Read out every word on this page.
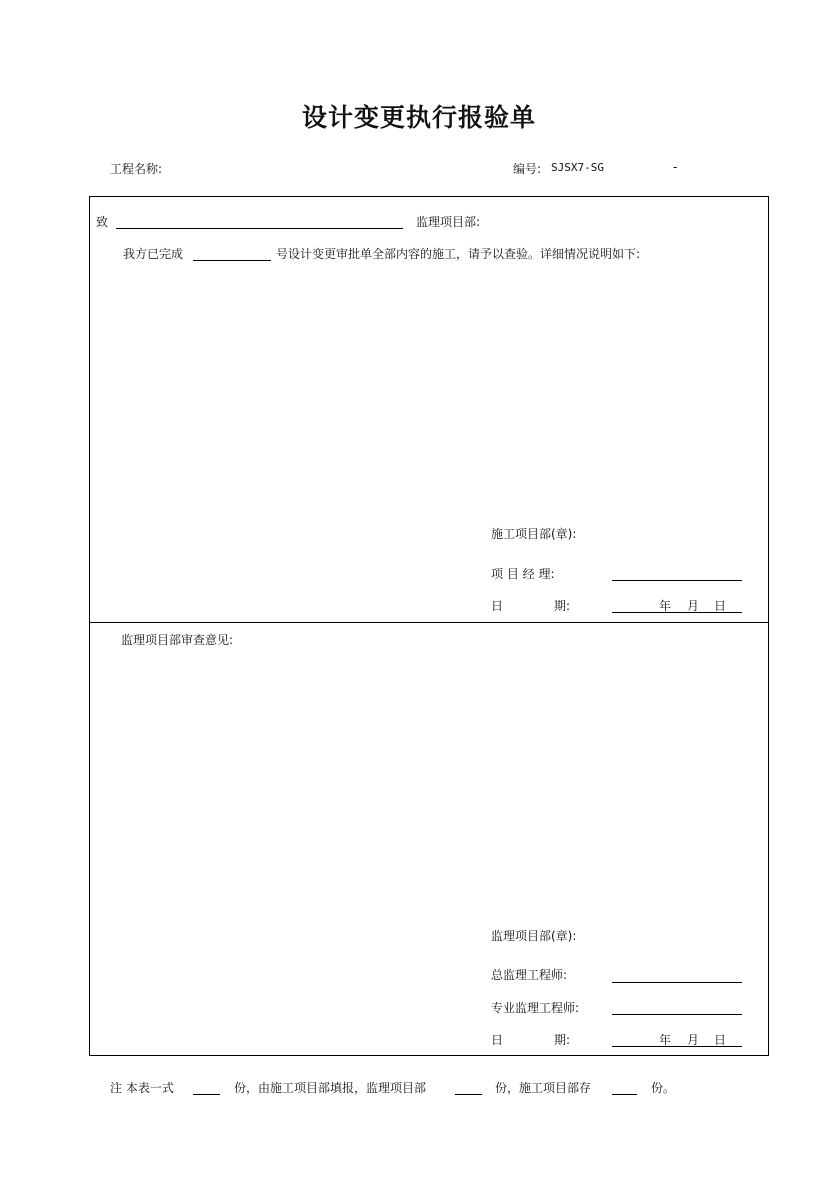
设计变更执行报验单
工程名称:	编号: SJSX7-SG	-
致	监理项目部:
我方已完成	号设计变更审批单全部内容的施工，请予以查验。详细情况说明如下:
施工项目部(章):
项 目 经 理:
日	期:	年 月 日
监理项目部审查意见:
监理项目部(章):
总监理工程师:
专业监理工程师:
日	期:	年 月 日
注 本表一式	份，由施工项目部填报，监理项目部	份，施工项目部存	份。
